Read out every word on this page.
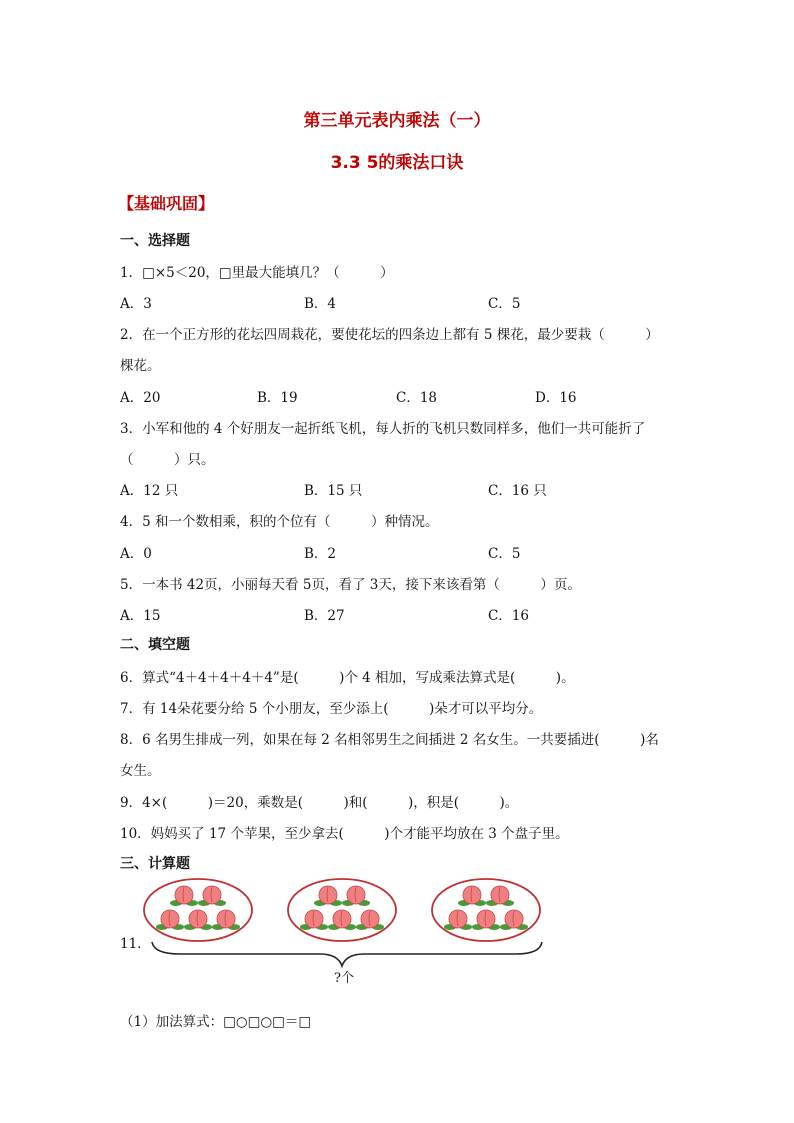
第三单元表内乘法（一）
3.3 5的乘法口诀
【基础巩固】
一、选择题
1．□×5＜20，□里最大能填几？（　　　）
A．3	B．4	C．5
2．在一个正方形的花坛四周栽花，要使花坛的四条边上都有 5 棵花，最少要栽（　　　）
棵花。
A．20	B．19	C．18	D．16
3．小军和他的 4 个好朋友一起折纸飞机，每人折的飞机只数同样多，他们一共可能折了
（　　　）只。
A．12 只	B．15 只	C．16 只
4．5 和一个数相乘，积的个位有（　　　）种情况。
A．0	B．2	C．5
5．一本书 42页，小丽每天看 5页，看了 3天，接下来该看第（　　　）页。
A．15	B．27	C．16
二、填空题
6．算式“4＋4＋4＋4＋4”是(　　　)个 4 相加，写成乘法算式是(　　　)。
7．有 14朵花要分给 5 个小朋友，至少添上(　　　)朵才可以平均分。
8．6 名男生排成一列，如果在每 2 名相邻男生之间插进 2 名女生。一共要插进(　　　)名
女生。
9．4×(　　　)＝20，乘数是(　　　)和(　　　)，积是(　　　)。
10．妈妈买了 17 个苹果，至少拿去(　　　)个才能平均放在 3 个盘子里。
三、计算题
11．
?个
（1）加法算式：□○□○□＝□
